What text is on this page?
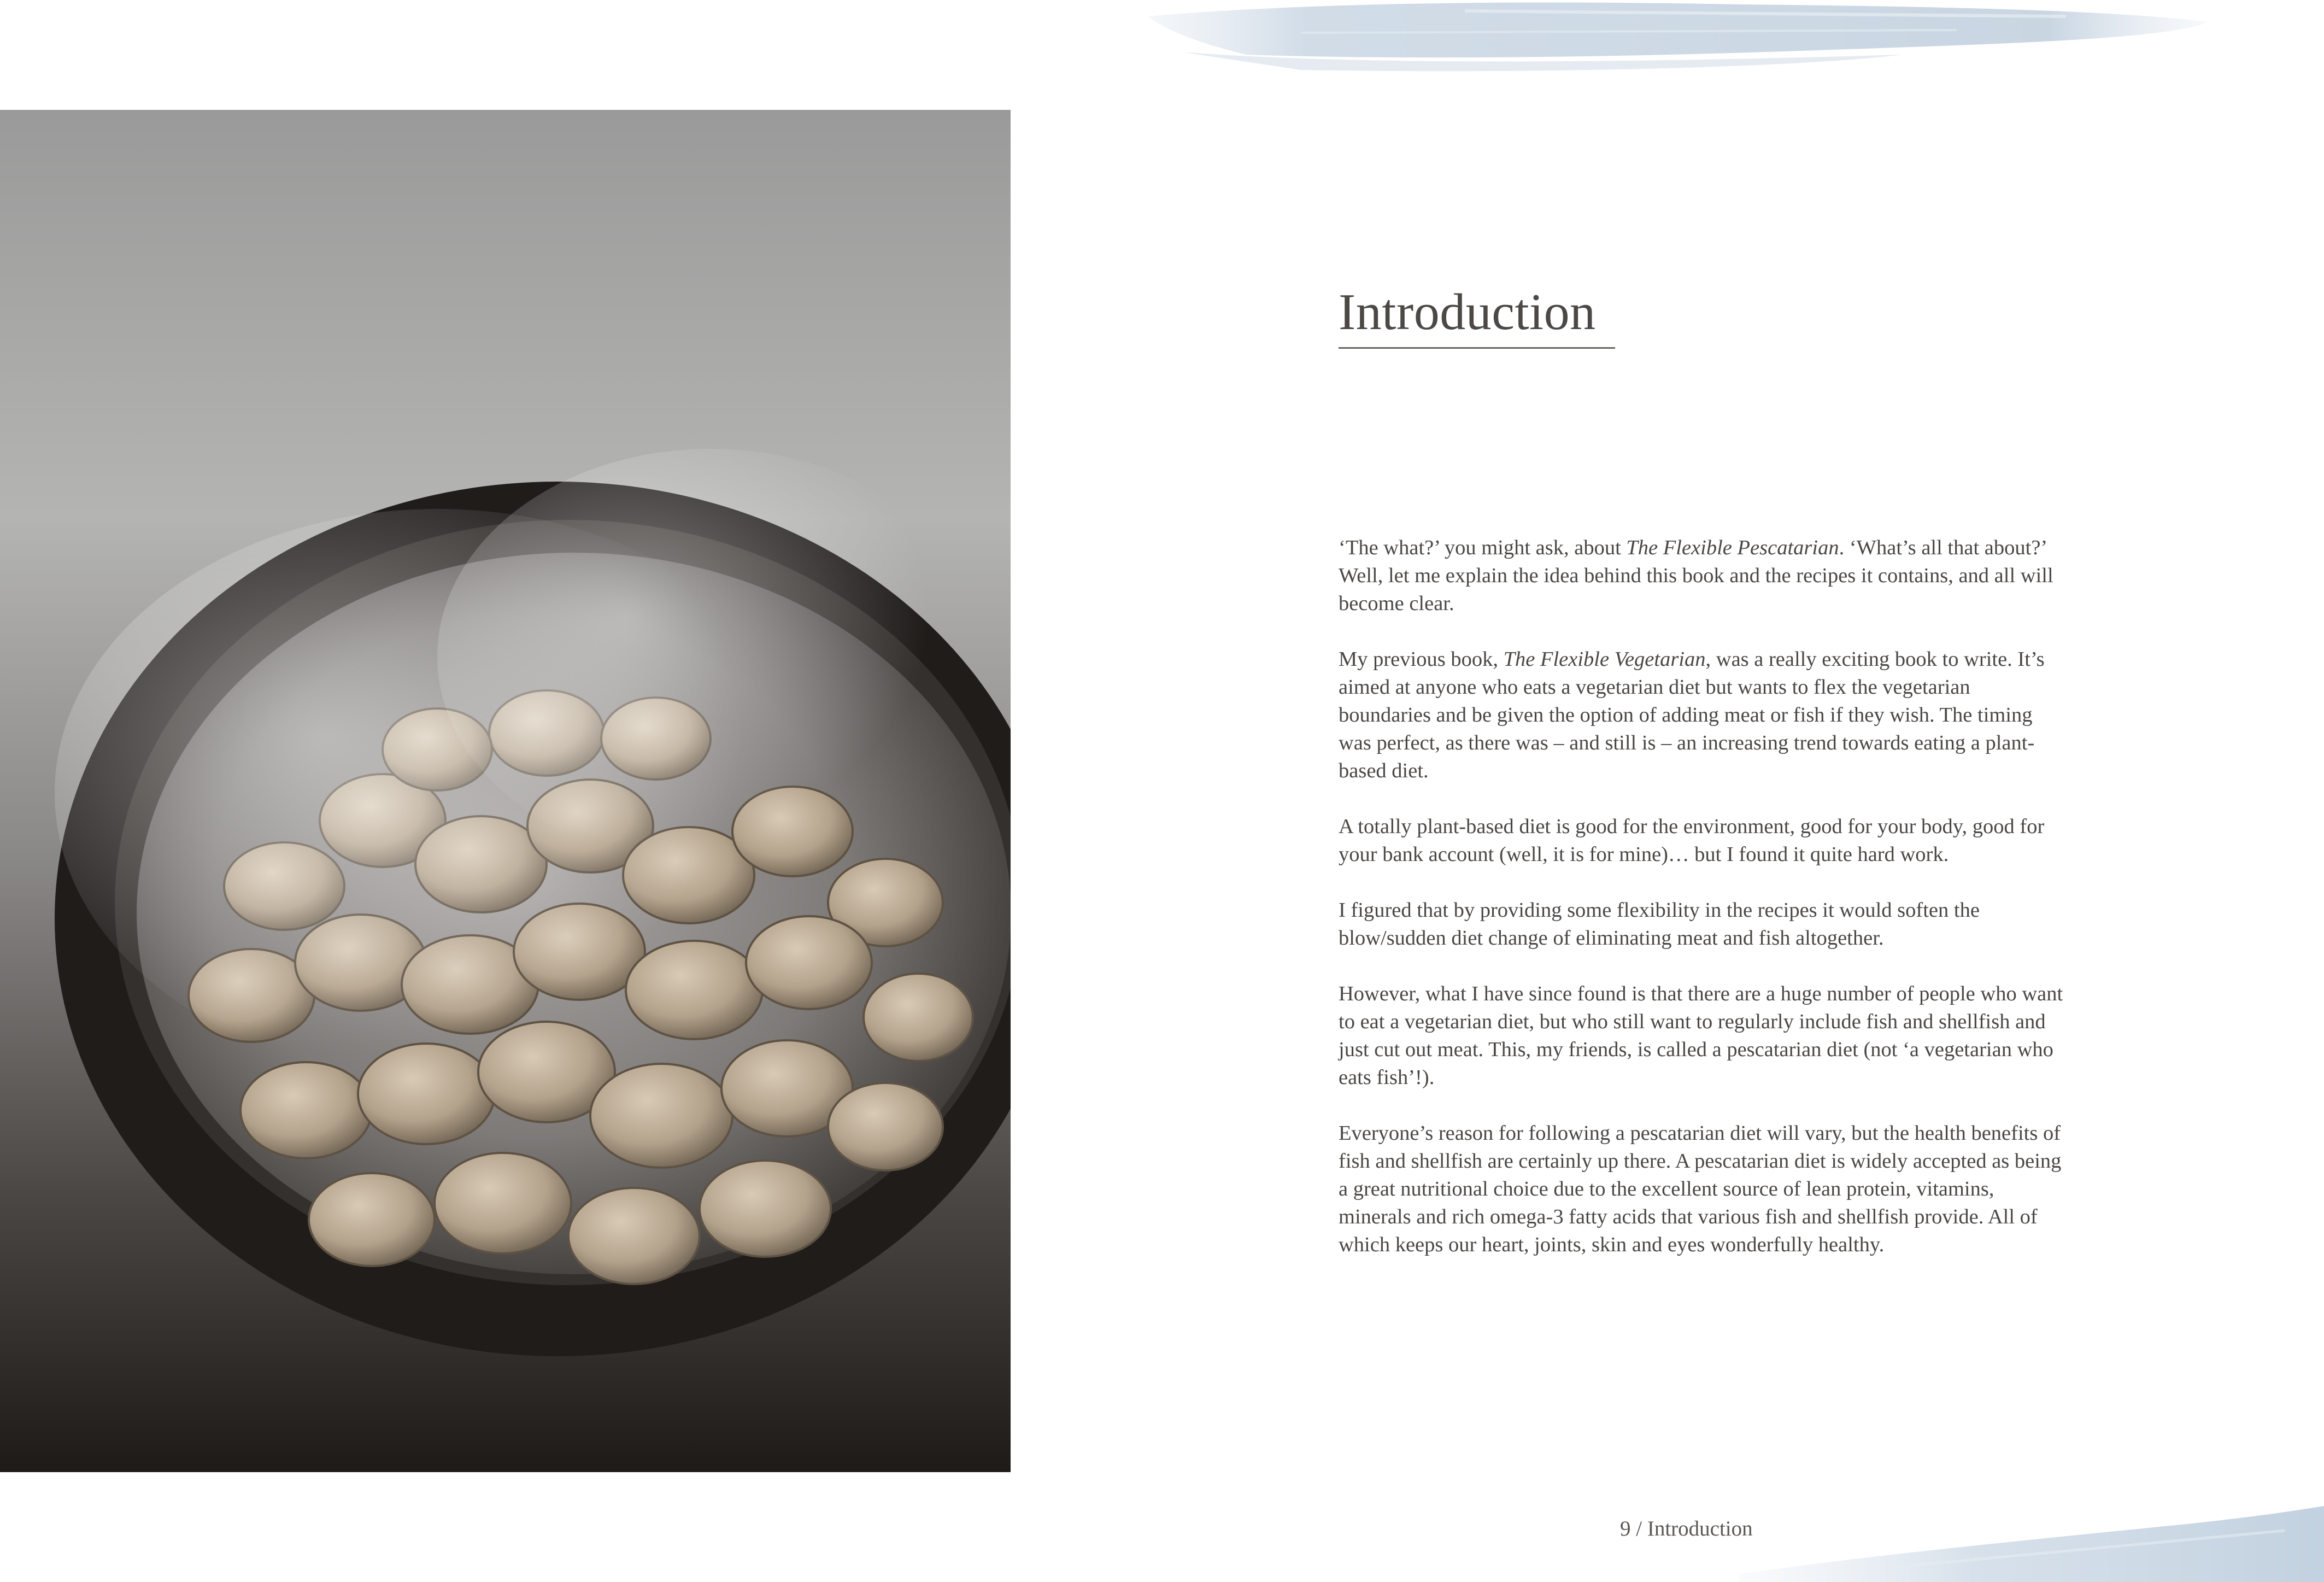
Introduction

‘The what?’ you might ask, about The Flexible Pescatarian. ‘What’s all that about?’ Well, let me explain the idea behind this book and the recipes it contains, and all will become clear.

My previous book, The Flexible Vegetarian, was a really exciting book to write. It’s aimed at anyone who eats a vegetarian diet but wants to flex the vegetarian boundaries and be given the option of adding meat or fish if they wish. The timing was perfect, as there was – and still is – an increasing trend towards eating a plant-based diet.

A totally plant-based diet is good for the environment, good for your body, good for your bank account (well, it is for mine)… but I found it quite hard work.

I figured that by providing some flexibility in the recipes it would soften the blow/sudden diet change of eliminating meat and fish altogether.

However, what I have since found is that there are a huge number of people who want to eat a vegetarian diet, but who still want to regularly include fish and shellfish and just cut out meat. This, my friends, is called a pescatarian diet (not ‘a vegetarian who eats fish’!).

Everyone’s reason for following a pescatarian diet will vary, but the health benefits of fish and shellfish are certainly up there. A pescatarian diet is widely accepted as being a great nutritional choice due to the excellent source of lean protein, vitamins, minerals and rich omega-3 fatty acids that various fish and shellfish provide. All of which keeps our heart, joints, skin and eyes wonderfully healthy.

9 / Introduction
